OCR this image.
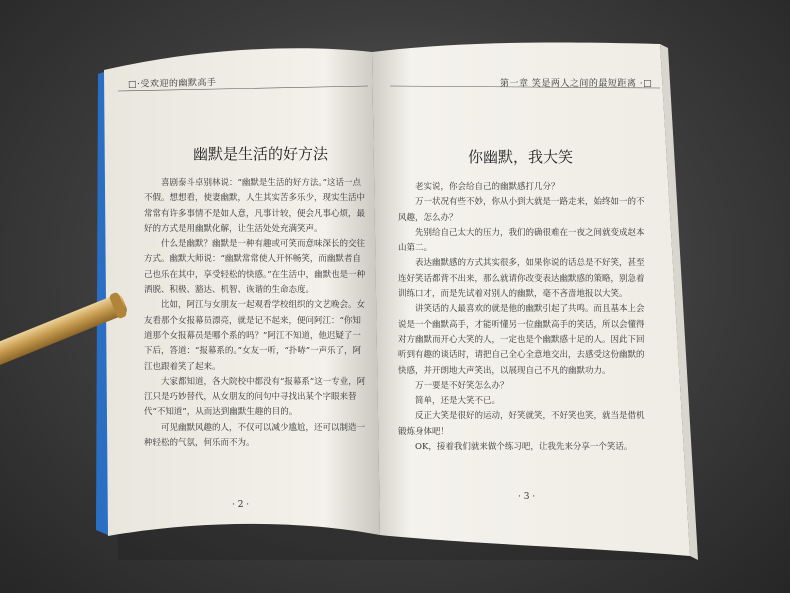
□·受欢迎的幽默高手
幽默是生活的好方法

喜剧泰斗卓别林说：“幽默是生活的好方法。”这话一点不假。想想看，使妻幽默，人生其实苦多乐少，现实生活中常常有许多事情不是如人意，凡事计较，便会凡事心烦，最好的方式是用幽默化解，让生活处处充满笑声。

什么是幽默？幽默是一种有趣或可笑而意味深长的交往方式。幽默大师说：“幽默常常使人开怀畅笑，而幽默者自己也乐在其中，享受轻松的快感。”在生活中，幽默也是一种洒脱、积极、豁达、机智、诙谐的生命态度。

比如，阿江与女朋友一起观看学校组织的文艺晚会。女友看那个女报幕员漂亮，就是记不起来，便问阿江：“你知道那个女报幕员是哪个系的吗？”阿江不知道，他迟疑了一下后，答道：“报幕系的。”女友一听，“扑哧”一声乐了，阿江也跟着笑了起来。

大家都知道，各大院校中都没有“报幕系”这一专业，阿江只是巧妙替代，从女朋友的问句中寻找出某个字眼来替代“不知道”，从而达到幽默生趣的目的。

可见幽默风趣的人，不仅可以减少尴尬，还可以制造一种轻松的气氛，何乐而不为。

· 2 ·
第一章 笑是两人之间的最短距离 ·□
你幽默，我大笑

老实说，你会给自己的幽默感打几分？

万一状况有些不妙，你从小到大就是一路走来，始终如一的不风趣，怎么办？

先别给自己太大的压力，我们的确很难在一夜之间就变成赵本山第二。

表达幽默感的方式其实很多，如果你说的话总是不好笑，甚至连好笑话都背不出来，那么就请你改变表达幽默感的策略，别急着训练口才，而是先试着对别人的幽默，毫不吝啬地报以大笑。

讲笑话的人最喜欢的就是他的幽默引起了共鸣。而且基本上会说是一个幽默高手，才能听懂另一位幽默高手的笑话，所以会懂得对方幽默而开心大笑的人，一定也是个幽默感十足的人。因此下回听到有趣的谈话时，请把自己全心全意地交出，去感受这份幽默的快感，并开朗地大声笑出，以展现自己不凡的幽默功力。

万一要是不好笑怎么办？

简单，还是大笑不已。

反正大笑是很好的运动，好笑就笑，不好笑也笑，就当是借机锻炼身体吧！

OK，接着我们就来做个练习吧，让我先来分享一个笑话。

· 3 ·
